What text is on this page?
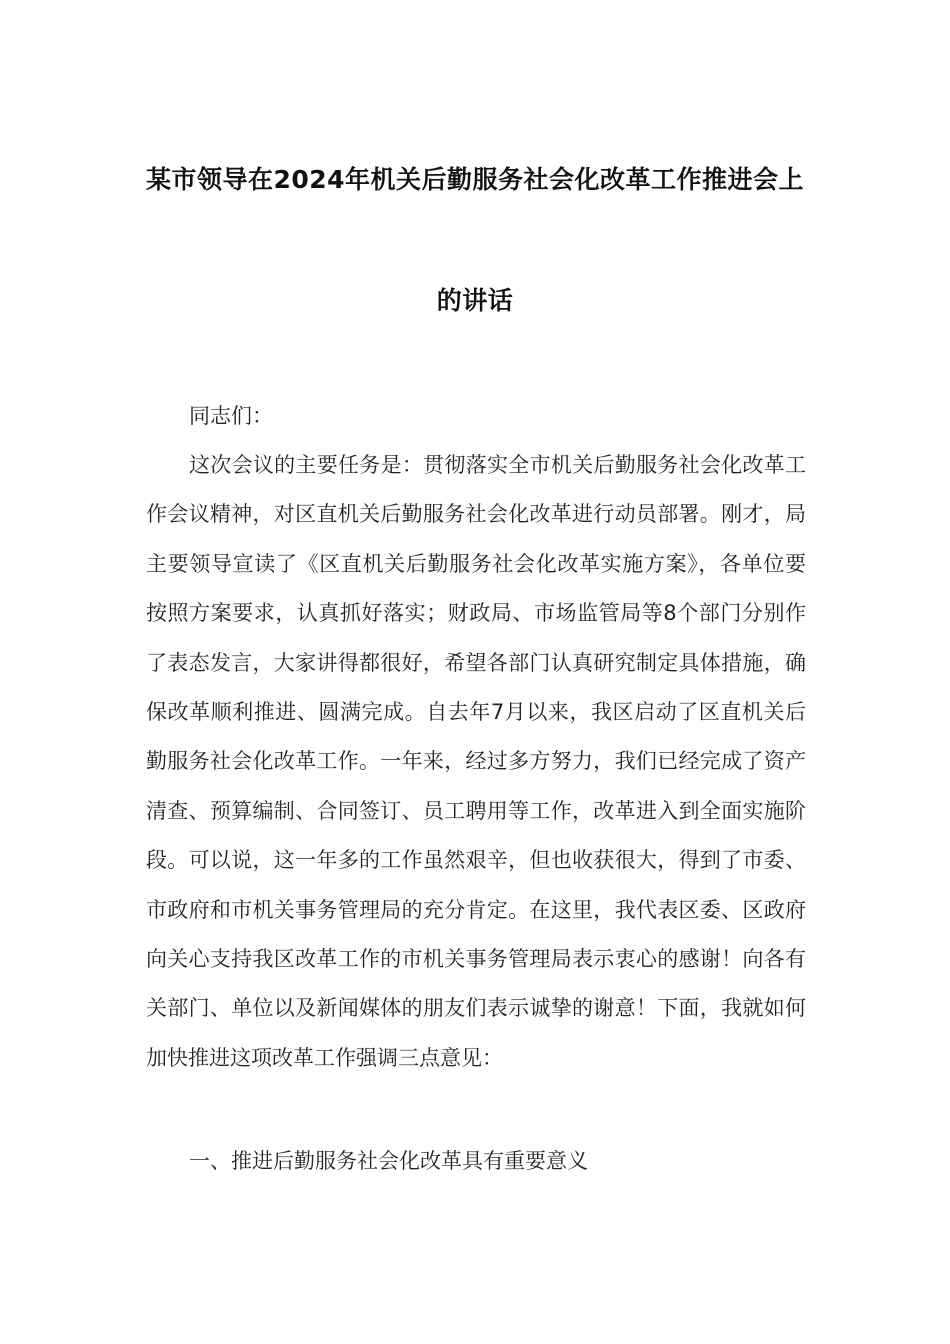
某市领导在2024年机关后勤服务社会化改革工作推进会上
的讲话
同志们：
这次会议的主要任务是：贯彻落实全市机关后勤服务社会化改革工作会议精神，对区直机关后勤服务社会化改革进行动员部署。刚才，局主要领导宣读了《区直机关后勤服务社会化改革实施方案》，各单位要按照方案要求，认真抓好落实；财政局、市场监管局等8个部门分别作了表态发言，大家讲得都很好，希望各部门认真研究制定具体措施，确保改革顺利推进、圆满完成。自去年7月以来，我区启动了区直机关后勤服务社会化改革工作。一年来，经过多方努力，我们已经完成了资产清查、预算编制、合同签订、员工聘用等工作，改革进入到全面实施阶段。可以说，这一年多的工作虽然艰辛，但也收获很大，得到了市委、市政府和市机关事务管理局的充分肯定。在这里，我代表区委、区政府向关心支持我区改革工作的市机关事务管理局表示衷心的感谢！向各有关部门、单位以及新闻媒体的朋友们表示诚挚的谢意！下面，我就如何加快推进这项改革工作强调三点意见：
一、推进后勤服务社会化改革具有重要意义
